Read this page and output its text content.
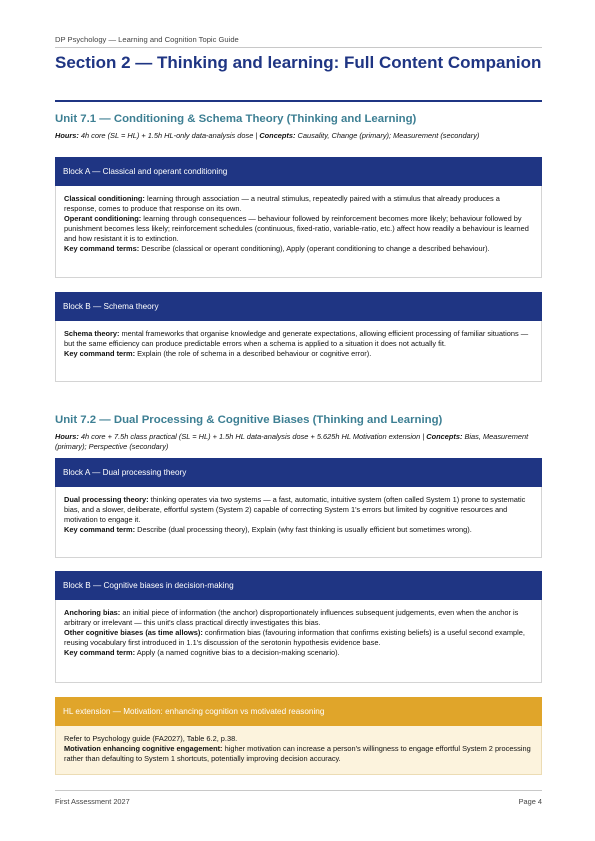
DP Psychology — Learning and Cognition Topic Guide
Section 2 — Thinking and learning: Full Content Companion
Unit 7.1 — Conditioning & Schema Theory (Thinking and Learning)

Hours: 4h core (SL = HL) + 1.5h HL-only data-analysis dose | Concepts: Causality, Change (primary); Measurement (secondary)

Block A — Classical and operant conditioning

Classical conditioning: learning through association — a neutral stimulus, repeatedly paired with a stimulus that already produces a response, comes to produce that response on its own.

Operant conditioning: learning through consequences — behaviour followed by reinforcement becomes more likely; behaviour followed by punishment becomes less likely; reinforcement schedules (continuous, fixed-ratio, variable-ratio, etc.) affect how readily a behaviour is learned and how resistant it is to extinction.

Key command terms: Describe (classical or operant conditioning), Apply (operant conditioning to change a described behaviour).

Block B — Schema theory

Schema theory: mental frameworks that organise knowledge and generate expectations, allowing efficient processing of familiar situations — but the same efficiency can produce predictable errors when a schema is applied to a situation it does not actually fit.

Key command term: Explain (the role of schema in a described behaviour or cognitive error).

Unit 7.2 — Dual Processing & Cognitive Biases (Thinking and Learning)

Hours: 4h core + 7.5h class practical (SL = HL) + 1.5h HL data-analysis dose + 5.625h HL Motivation extension | Concepts: Bias, Measurement (primary); Perspective (secondary)

Block A — Dual processing theory

Dual processing theory: thinking operates via two systems — a fast, automatic, intuitive system (often called System 1) prone to systematic bias, and a slower, deliberate, effortful system (System 2) capable of correcting System 1's errors but limited by cognitive resources and motivation to engage it.

Key command term: Describe (dual processing theory), Explain (why fast thinking is usually efficient but sometimes wrong).

Block B — Cognitive biases in decision-making

Anchoring bias: an initial piece of information (the anchor) disproportionately influences subsequent judgements, even when the anchor is arbitrary or irrelevant — this unit's class practical directly investigates this bias.

Other cognitive biases (as time allows): confirmation bias (favouring information that confirms existing beliefs) is a useful second example, reusing vocabulary first introduced in 1.1's discussion of the serotonin hypothesis evidence base.

Key command term: Apply (a named cognitive bias to a decision-making scenario).

HL extension — Motivation: enhancing cognition vs motivated reasoning

Refer to Psychology guide (FA2027), Table 6.2, p.38.

Motivation enhancing cognitive engagement: higher motivation can increase a person's willingness to engage effortful System 2 processing rather than defaulting to System 1 shortcuts, potentially improving decision accuracy.

First Assessment 2027	Page 4
